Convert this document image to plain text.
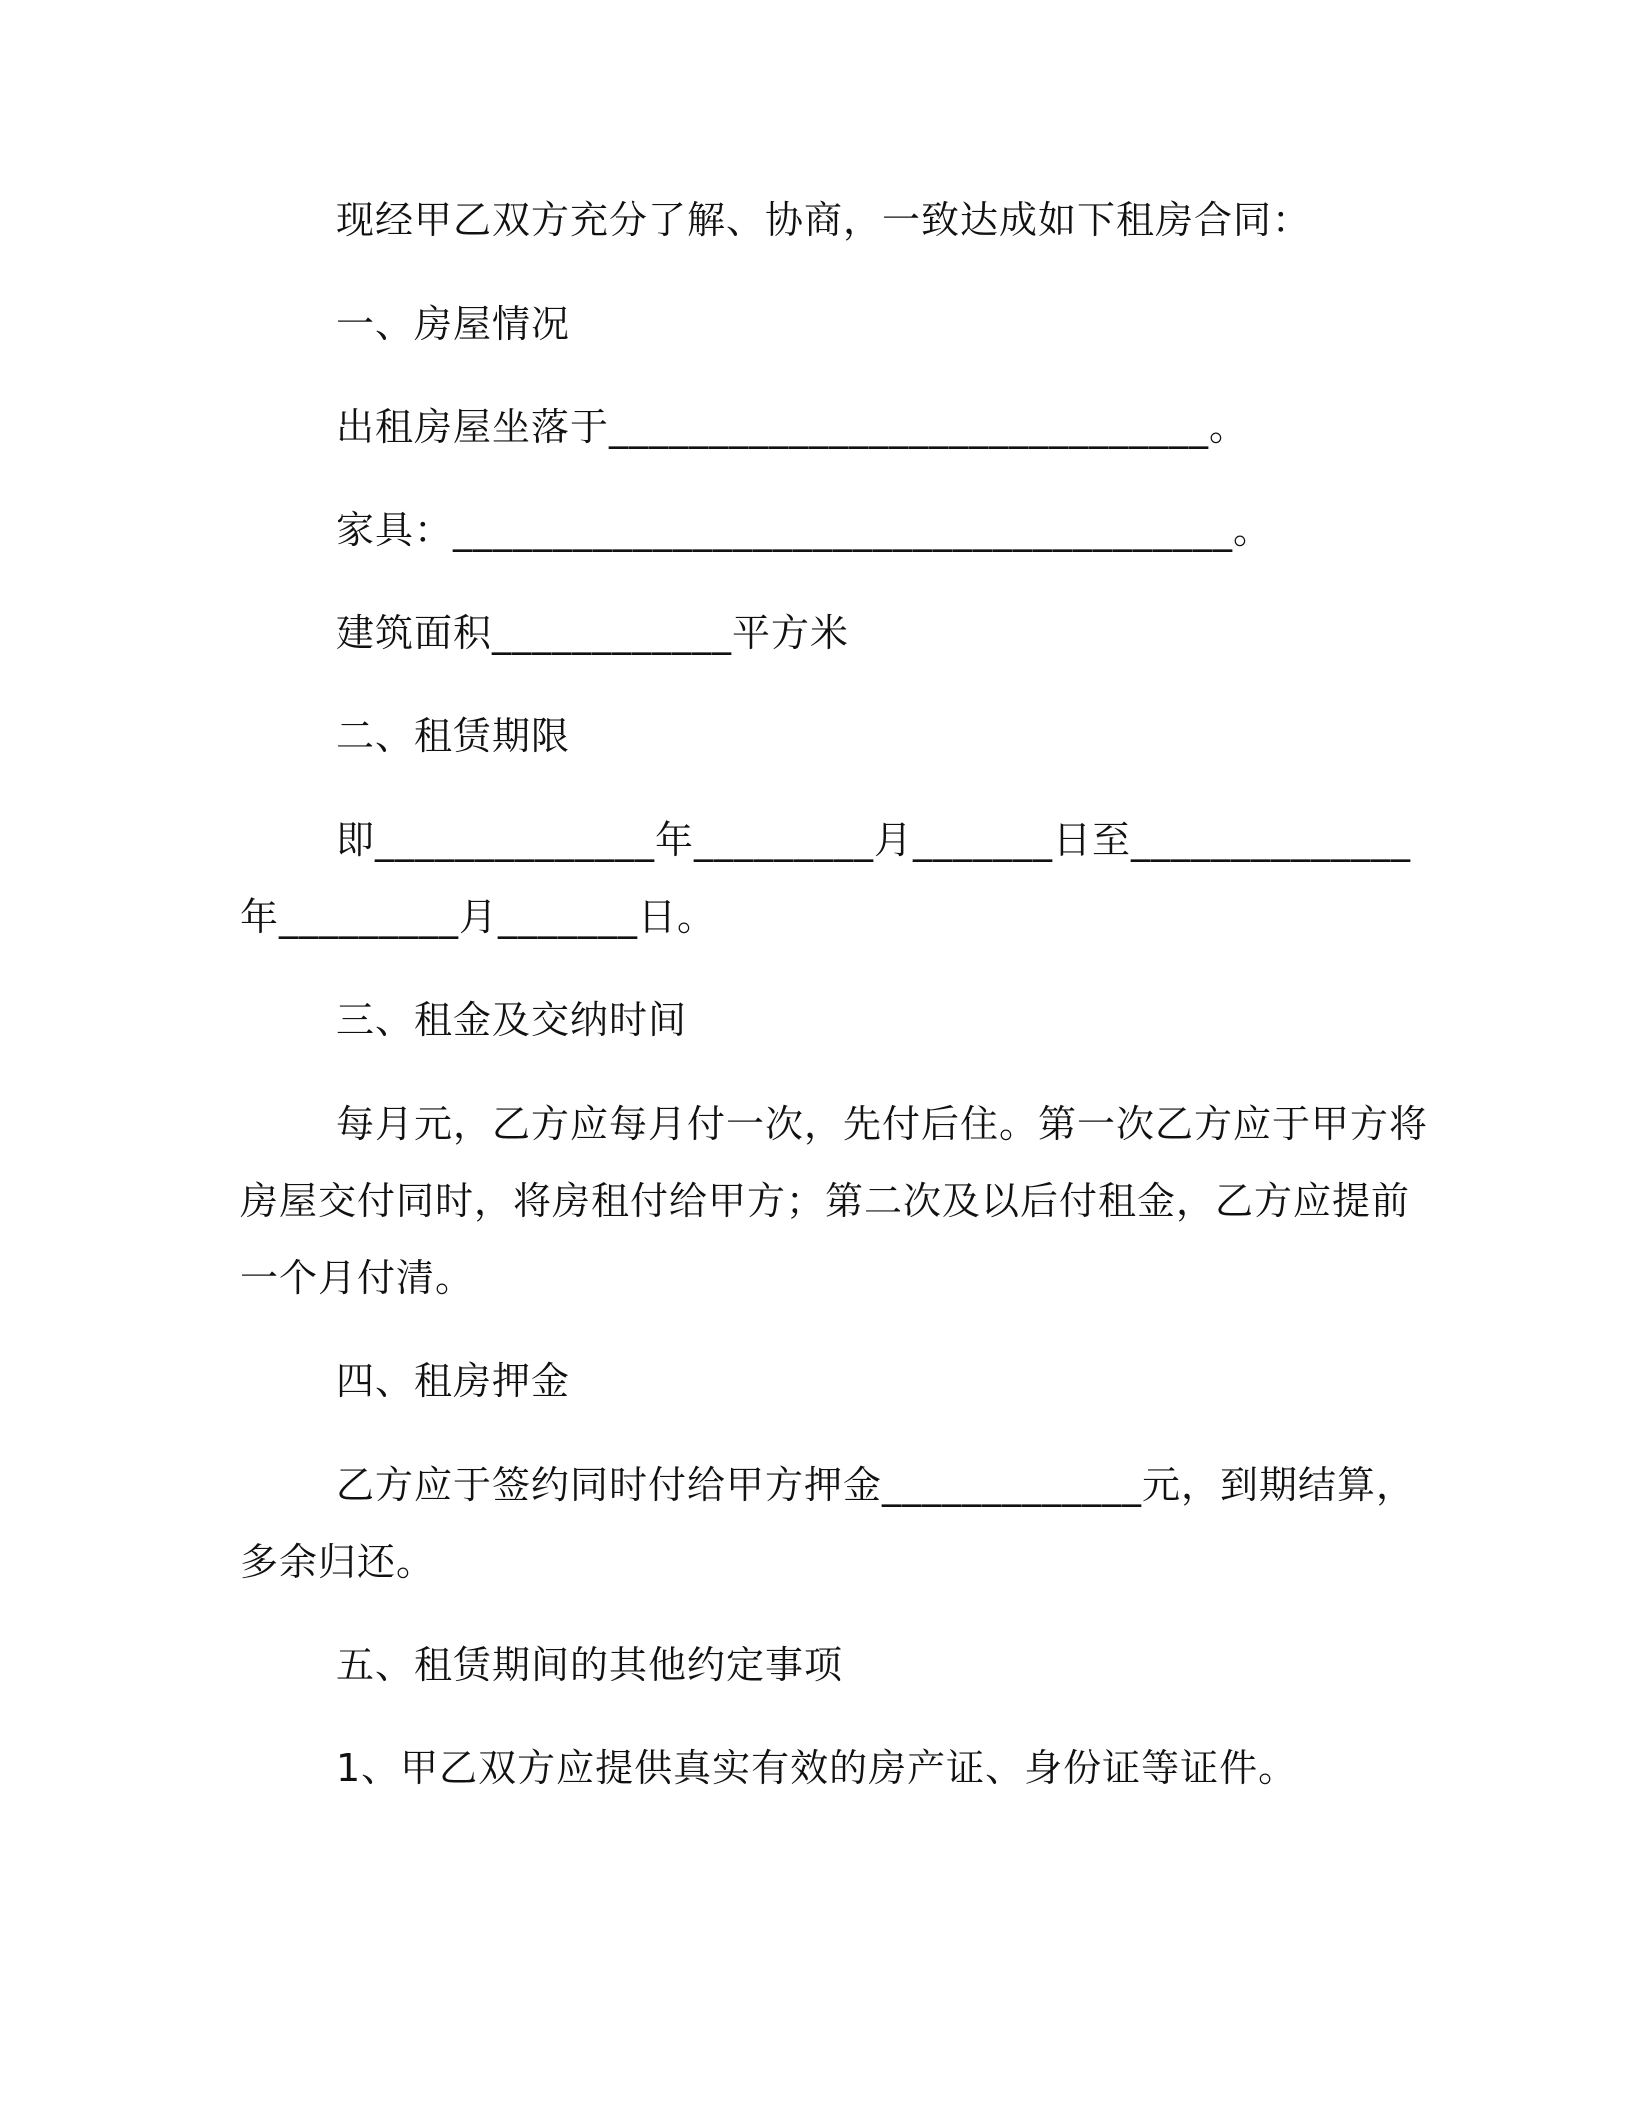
现经甲乙双方充分了解、协商，一致达成如下租房合同：
一、房屋情况
出租房屋坐落于______________________________。
家具：_______________________________________。
建筑面积____________平方米
二、租赁期限
即______________年_________月_______日至______________
年_________月_______日。
三、租金及交纳时间
每月元，乙方应每月付一次，先付后住。第一次乙方应于甲方将
房屋交付同时，将房租付给甲方；第二次及以后付租金，乙方应提前
一个月付清。
四、租房押金
乙方应于签约同时付给甲方押金_____________元，到期结算，
多余归还。
五、租赁期间的其他约定事项
1、甲乙双方应提供真实有效的房产证、身份证等证件。
